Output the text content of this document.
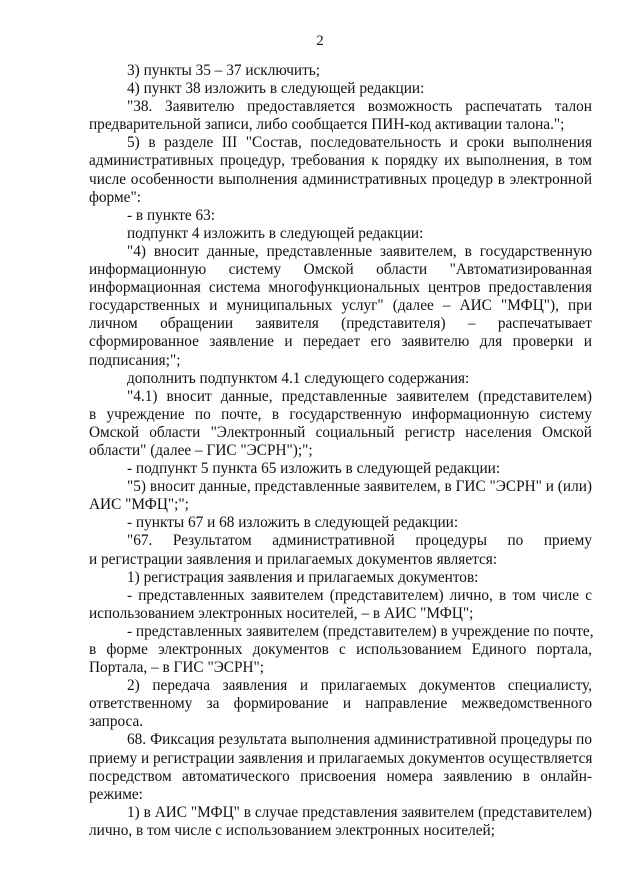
2
3) пункты 35 – 37 исключить;
4) пункт 38 изложить в следующей редакции:
"38. Заявителю предоставляется возможность распечатать талон
предварительной записи, либо сообщается ПИН-код активации талона.";
5) в разделе III "Состав, последовательность и сроки выполнения
административных процедур, требования к порядку их выполнения, в том
числе особенности выполнения административных процедур в электронной
форме":
- в пункте 63:
подпункт 4 изложить в следующей редакции:
"4) вносит данные, представленные заявителем, в государственную
информационную систему Омской области "Автоматизированная
информационная система многофункциональных центров предоставления
государственных и муниципальных услуг" (далее – АИС "МФЦ"), при
личном обращении заявителя (представителя) – распечатывает
сформированное заявление и передает его заявителю для проверки и
подписания;";
дополнить подпунктом 4.1 следующего содержания:
"4.1) вносит данные, представленные заявителем (представителем)
в учреждение по почте, в государственную информационную систему
Омской области "Электронный социальный регистр населения Омской
области" (далее – ГИС "ЭСРН");";
- подпункт 5 пункта 65 изложить в следующей редакции:
"5) вносит данные, представленные заявителем, в ГИС "ЭСРН" и (или)
АИС "МФЦ";";
- пункты 67 и 68 изложить в следующей редакции:
"67. Результатом административной процедуры по приему
и регистрации заявления и прилагаемых документов является:
1) регистрация заявления и прилагаемых документов:
- представленных заявителем (представителем) лично, в том числе с
использованием электронных носителей, – в АИС "МФЦ";
- представленных заявителем (представителем) в учреждение по почте,
в форме электронных документов с использованием Единого портала,
Портала, – в ГИС "ЭСРН";
2) передача заявления и прилагаемых документов специалисту,
ответственному за формирование и направление межведомственного
запроса.
68. Фиксация результата выполнения административной процедуры по
приему и регистрации заявления и прилагаемых документов осуществляется
посредством автоматического присвоения номера заявлению в онлайн-
режиме:
1) в АИС "МФЦ" в случае представления заявителем (представителем)
лично, в том числе с использованием электронных носителей;
